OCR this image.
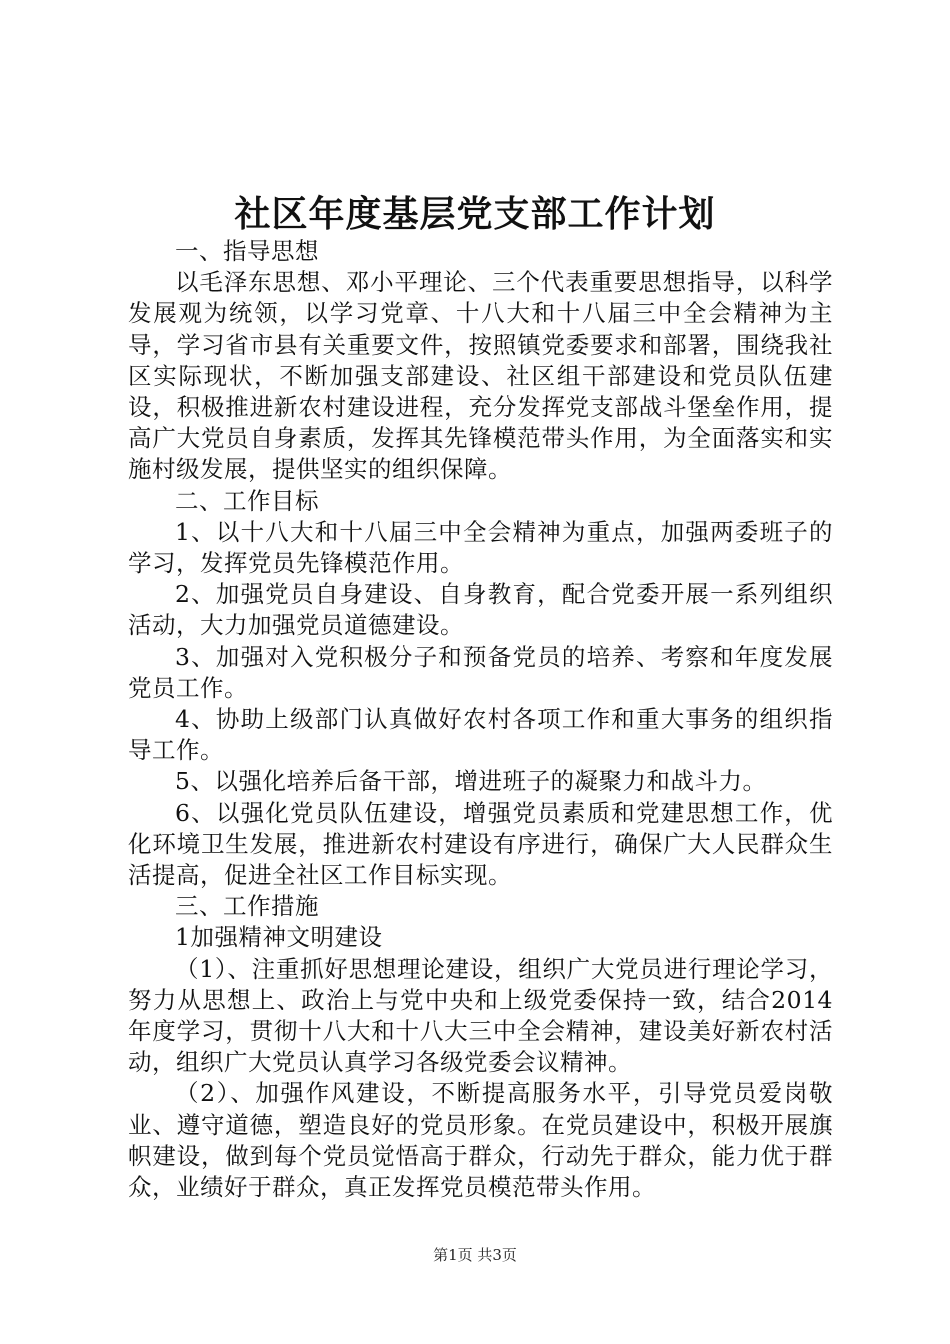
社区年度基层党支部工作计划

一、指导思想

以毛泽东思想、邓小平理论、三个代表重要思想指导，以科学发展观为统领，以学习党章、十八大和十八届三中全会精神为主导，学习省市县有关重要文件，按照镇党委要求和部署，围绕我社区实际现状，不断加强支部建设、社区组干部建设和党员队伍建设，积极推进新农村建设进程，充分发挥党支部战斗堡垒作用，提高广大党员自身素质，发挥其先锋模范带头作用，为全面落实和实施村级发展，提供坚实的组织保障。

二、工作目标

1、以十八大和十八届三中全会精神为重点，加强两委班子的学习，发挥党员先锋模范作用。

2、加强党员自身建设、自身教育，配合党委开展一系列组织活动，大力加强党员道德建设。

3、加强对入党积极分子和预备党员的培养、考察和年度发展党员工作。

4、协助上级部门认真做好农村各项工作和重大事务的组织指导工作。

5、以强化培养后备干部，增进班子的凝聚力和战斗力。

6、以强化党员队伍建设，增强党员素质和党建思想工作，优化环境卫生发展，推进新农村建设有序进行，确保广大人民群众生活提高，促进全社区工作目标实现。

三、工作措施

1加强精神文明建设

（1）、注重抓好思想理论建设，组织广大党员进行理论学习，努力从思想上、政治上与党中央和上级党委保持一致，结合2014年度学习，贯彻十八大和十八大三中全会精神，建设美好新农村活动，组织广大党员认真学习各级党委会议精神。

（2）、加强作风建设，不断提高服务水平，引导党员爱岗敬业、遵守道德，塑造良好的党员形象。在党员建设中，积极开展旗帜建设，做到每个党员觉悟高于群众，行动先于群众，能力优于群众，业绩好于群众，真正发挥党员模范带头作用。

第1页 共3页
